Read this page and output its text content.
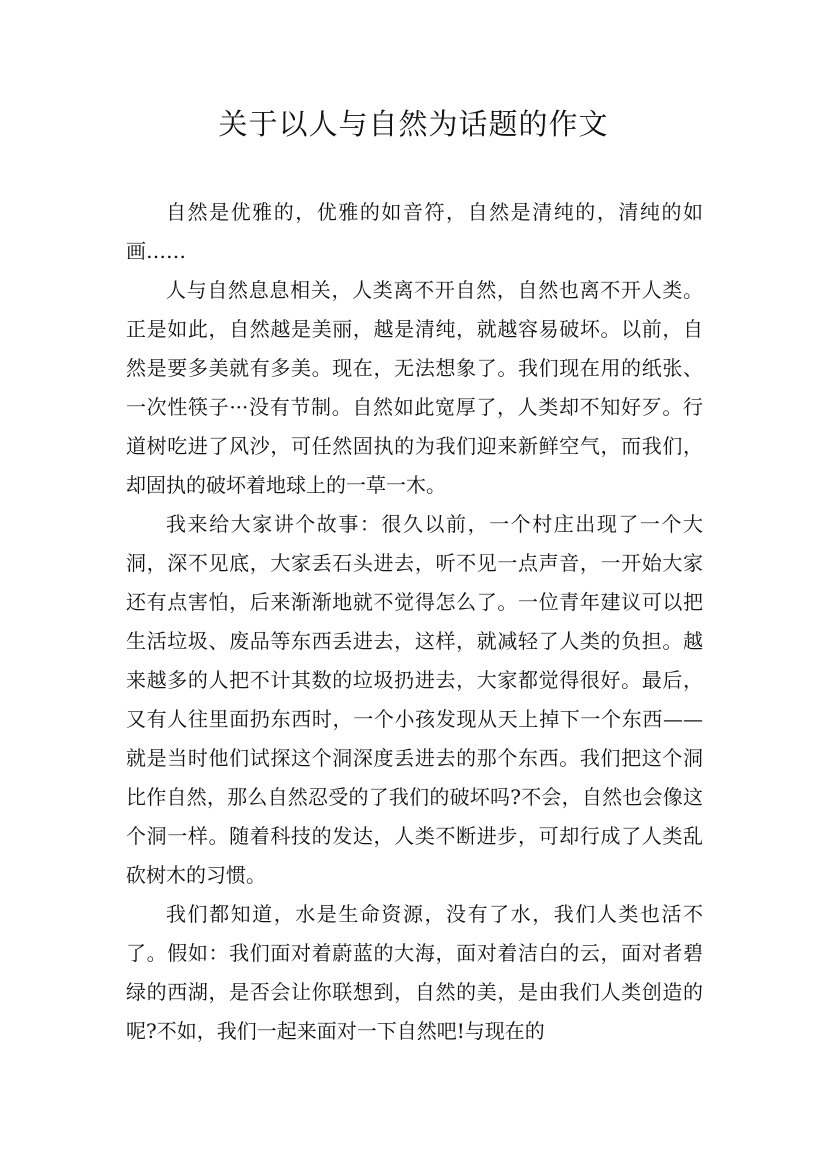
关于以人与自然为话题的作文

自然是优雅的，优雅的如音符，自然是清纯的，清纯的如画……

人与自然息息相关，人类离不开自然，自然也离不开人类。正是如此，自然越是美丽，越是清纯，就越容易破坏。以前，自然是要多美就有多美。现在，无法想象了。我们现在用的纸张、一次性筷子···没有节制。自然如此宽厚了，人类却不知好歹。行道树吃进了风沙，可任然固执的为我们迎来新鲜空气，而我们，却固执的破坏着地球上的一草一木。

我来给大家讲个故事：很久以前，一个村庄出现了一个大洞，深不见底，大家丢石头进去，听不见一点声音，一开始大家还有点害怕，后来渐渐地就不觉得怎么了。一位青年建议可以把生活垃圾、废品等东西丢进去，这样，就减轻了人类的负担。越来越多的人把不计其数的垃圾扔进去，大家都觉得很好。最后，又有人往里面扔东西时，一个小孩发现从天上掉下一个东西——就是当时他们试探这个洞深度丢进去的那个东西。我们把这个洞比作自然，那么自然忍受的了我们的破坏吗?不会，自然也会像这个洞一样。随着科技的发达，人类不断进步，可却行成了人类乱砍树木的习惯。

我们都知道，水是生命资源，没有了水，我们人类也活不了。假如：我们面对着蔚蓝的大海，面对着洁白的云，面对者碧绿的西湖，是否会让你联想到，自然的美，是由我们人类创造的呢?不如，我们一起来面对一下自然吧!与现在的
